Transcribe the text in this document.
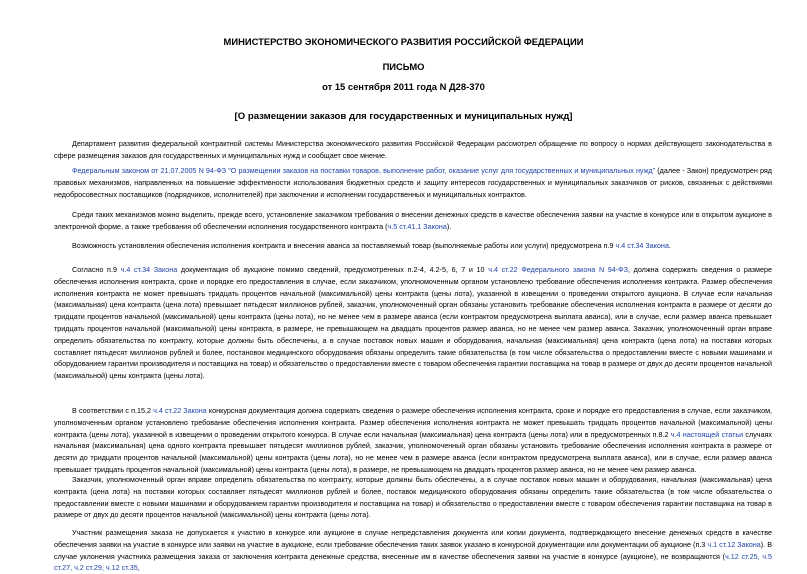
МИНИСТЕРСТВО ЭКОНОМИЧЕСКОГО РАЗВИТИЯ РОССИЙСКОЙ ФЕДЕРАЦИИ
ПИСЬМО
от 15 сентября 2011 года N Д28-370
[О размещении заказов для государственных и муниципальных нужд]
Департамент развития федеральной контрактной системы Министерства экономического развития Российской Федерации рассмотрел обращение по вопросу о нормах действующего законодательства в сфере размещения заказов для государственных и муниципальных нужд и сообщает свое мнение.
Федеральным законом от 21.07.2005 N 94-ФЗ "О размещении заказов на поставки товаров, выполнение работ, оказание услуг для государственных и муниципальных нужд" (далее - Закон) предусмотрен ряд правовых механизмов, направленных на повышение эффективности использования бюджетных средств и защиту интересов государственных и муниципальных заказчиков от рисков, связанных с действиями недобросовестных поставщиков (подрядчиков, исполнителей) при заключении и исполнении государственных и муниципальных контрактов.
Среди таких механизмов можно выделить, прежде всего, установление заказчиком требования о внесении денежных средств в качестве обеспечения заявки на участие в конкурсе или в открытом аукционе в электронной форме, а также требования об обеспечении исполнения государственного контракта (ч.5 ст.41.1 Закона).
Возможность установления обеспечения исполнения контракта и внесения аванса за поставляемый товар (выполняемые работы или услуги) предусмотрена п.9 ч.4 ст.34 Закона.
Согласно п.9 ч.4 ст.34 Закона документация об аукционе помимо сведений, предусмотренных п.2-4, 4.2-5, 6, 7 и 10 ч.4 ст.22 Федерального закона N 94-ФЗ, должна содержать сведения о размере обеспечения исполнения контракта, сроке и порядке его предоставления в случае, если заказчиком, уполномоченным органом установлено требование обеспечения исполнения контракта. Размер обеспечения исполнения контракта не может превышать тридцать процентов начальной (максимальной) цены контракта (цены лота), указанной в извещении о проведении открытого аукциона. В случае если начальная (максимальная) цена контракта (цена лота) превышает пятьдесят миллионов рублей, заказчик, уполномоченный орган обязаны установить требование обеспечения исполнения контракта в размере от десяти до тридцати процентов начальной (максимальной) цены контракта (цены лота), но не менее чем в размере аванса (если контрактом предусмотрена выплата аванса), или в случае, если размер аванса превышает тридцать процентов начальной (максимальной) цены контракта, в размере, не превышающем на двадцать процентов размер аванса, но не менее чем размер аванса. Заказчик, уполномоченный орган вправе определить обязательства по контракту, которые должны быть обеспечены, а в случае поставок новых машин и оборудования, начальная (максимальная) цена контракта (цена лота) на поставки которых составляет пятьдесят миллионов рублей и более, постановок медицинского оборудования обязаны определить такие обязательства (в том числе обязательства о предоставлении вместе с новыми машинами и оборудованием гарантии производителя и поставщика на товар) и обязательство о предоставлении вместе с товаром обеспечения гарантии поставщика на товар в размере от двух до десяти процентов начальной (максимальной) цены контракта (цены лота).
В соответствии с п.15.2 ч.4 ст.22 Закона конкурсная документация должна содержать сведения о размере обеспечения исполнения контракта, сроке и порядке его предоставления в случае, если заказчиком, уполномоченным органом установлено требование обеспечения исполнения контракта. Размер обеспечения исполнения контракта не может превышать тридцать процентов начальной (максимальной) цены контракта (цены лота), указанной в извещении о проведении открытого конкурса. В случае если начальная (максимальная) цена контракта (цены лота) или в предусмотренных п.8.2 ч.4 настоящей статьи случаях начальная (максимальная) цена одного контракта превышает пятьдесят миллионов рублей, заказчик, уполномоченный орган обязаны установить требование обеспечения исполнения контракта в размере от десяти до тридцати процентов начальной (максимальной) цены контракта (цены лота), но не менее чем в размере аванса (если контрактом предусмотрена выплата аванса), или в случае, если размер аванса превышает тридцать процентов начальной (максимальной) цены контракта (цены лота), в размере, не превышающем на двадцать процентов размер аванса, но не менее чем размер аванса.
Заказчик, уполномоченный орган вправе определить обязательства по контракту, которые должны быть обеспечены, а в случае поставок новых машин и оборудования, начальная (максимальная) цена контракта (цена лота) на поставки которых составляет пятьдесят миллионов рублей и более, поставок медицинского оборудования обязаны определить такие обязательства (в том числе обязательства о предоставлении вместе с новыми машинами и оборудованием гарантии производителя и поставщика на товар) и обязательство о предоставлении вместе с товаром обеспечения гарантии поставщика на товар в размере от двух до десяти процентов начальной (максимальной) цены контракта (цены лота).
Участник размещения заказа не допускается к участию в конкурсе или аукционе в случае непредставления документа или копии документа, подтверждающего внесение денежных средств в качестве обеспечения заявки на участие в конкурсе или заявки на участие в аукционе, если требование обеспечения таких заявок указано в конкурсной документации или документации об аукционе (п.3 ч.1 ст.12 Закона). В случае уклонения участника размещения заказа от заключения контракта денежные средства, внесенные им в качестве обеспечения заявки на участие в конкурсе (аукционе), не возвращаются (ч.12 ст.25, ч.5 ст.27, ч.2 ст.29, ч.12 ст.35,
